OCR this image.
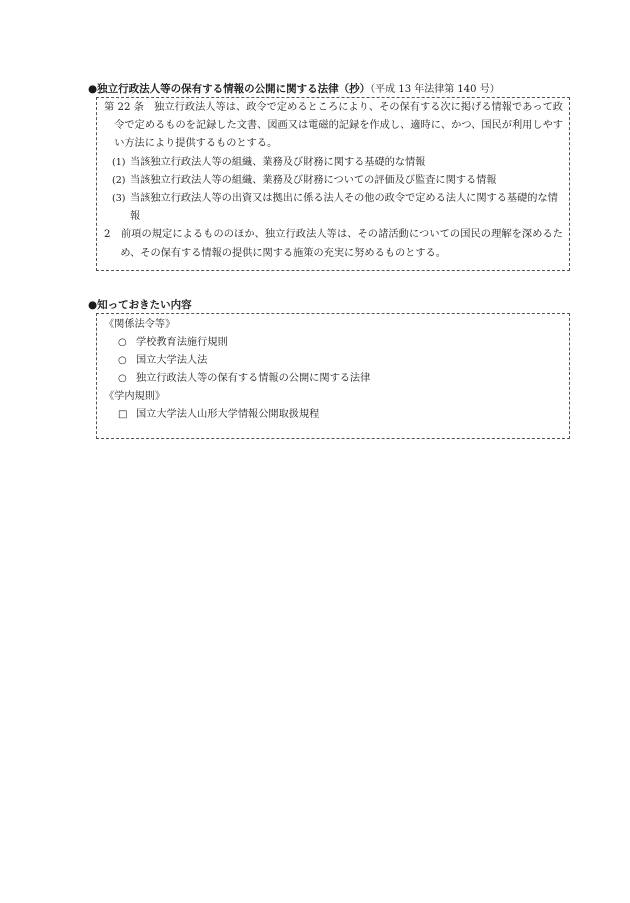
●独立行政法人等の保有する情報の公開に関する法律（抄）（平成 13 年法律第 140 号）

第 22 条　独立行政法人等は、政令で定めるところにより、その保有する次に掲げる情報であって政令で定めるものを記録した文書、図画又は電磁的記録を作成し、適時に、かつ、国民が利用しやすい方法により提供するものとする。

(1) 当該独立行政法人等の組織、業務及び財務に関する基礎的な情報

(2) 当該独立行政法人等の組織、業務及び財務についての評価及び監査に関する情報

(3) 当該独立行政法人等の出資又は拠出に係る法人その他の政令で定める法人に関する基礎的な情報

2　前項の規定によるもののほか、独立行政法人等は、その諸活動についての国民の理解を深めるため、その保有する情報の提供に関する施策の充実に努めるものとする。

●知っておきたい内容

《関係法令等》

○ 学校教育法施行規則

○ 国立大学法人法

○ 独立行政法人等の保有する情報の公開に関する法律

《学内規則》

□ 国立大学法人山形大学情報公開取扱規程
